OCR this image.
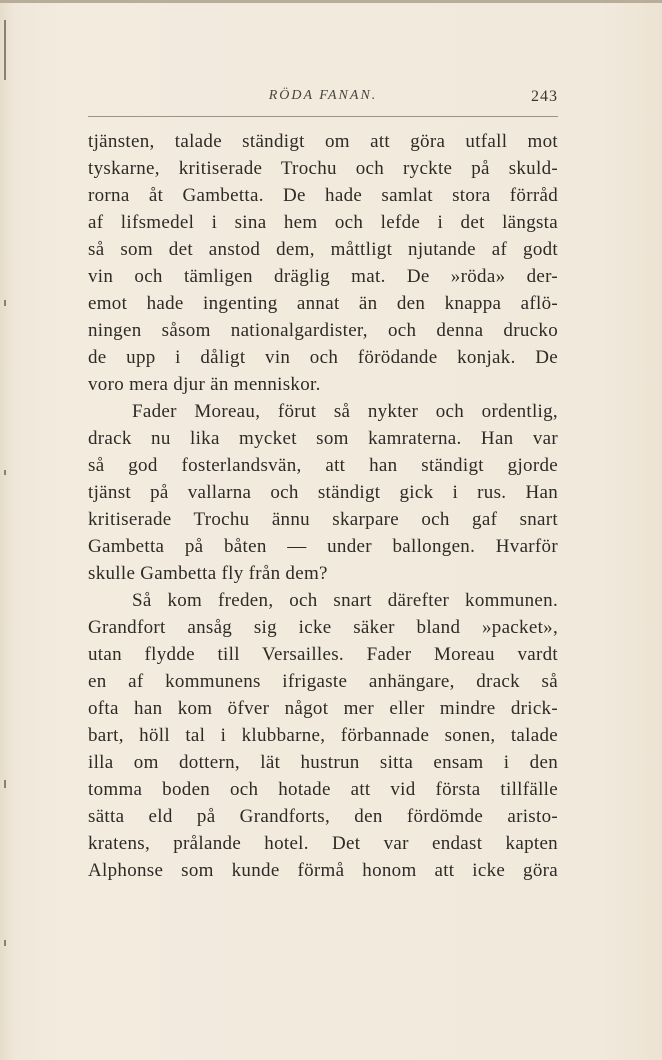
RÖDA FANAN.	243
tjänsten, talade ständigt om att göra utfall mot
tyskarne, kritiserade Trochu och ryckte på skuld-
rorna åt Gambetta. De hade samlat stora förråd
af lifsmedel i sina hem och lefde i det längsta
så som det anstod dem, måttligt njutande af godt
vin och tämligen dräglig mat. De »röda» der-
emot hade ingenting annat än den knappa aflö-
ningen såsom nationalgardister, och denna drucko
de upp i dåligt vin och förödande konjak. De
voro mera djur än menniskor.
Fader Moreau, förut så nykter och ordentlig,
drack nu lika mycket som kamraterna. Han var
så god fosterlandsvän, att han ständigt gjorde
tjänst på vallarna och ständigt gick i rus. Han
kritiserade Trochu ännu skarpare och gaf snart
Gambetta på båten — under ballongen. Hvarför
skulle Gambetta fly från dem?
Så kom freden, och snart därefter kommunen.
Grandfort ansåg sig icke säker bland »packet»,
utan flydde till Versailles. Fader Moreau vardt
en af kommunens ifrigaste anhängare, drack så
ofta han kom öfver något mer eller mindre drick-
bart, höll tal i klubbarne, förbannade sonen, talade
illa om dottern, lät hustrun sitta ensam i den
tomma boden och hotade att vid första tillfälle
sätta eld på Grandforts, den fördömde aristo-
kratens, prålande hotel. Det var endast kapten
Alphonse som kunde förmå honom att icke göra
